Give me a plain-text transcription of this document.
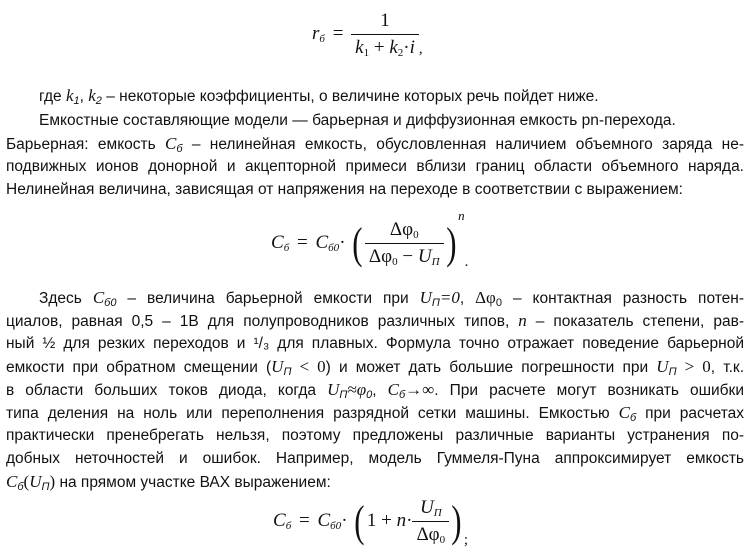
$r_б = \frac{1}{k1 + k2\cdot i} _,$
где $k_1$, $k_2$ – некоторые коэффициенты, о величине которых речь пойдет ниже.
Емкостные составляющие модели — барьерная и диффузионная емкость pn-перехода.
Барьерная: емкость $C_б$ – нелинейная емкость, обусловленная наличием объемного заряда не-
подвижных ионов донорной и акцепторной примеси вблизи границ области объемного наряда.
Нелинейная величина, зависящая от напряжения на переходе в соответствии с выражением:
$C_б = C_{б0}\cdot$ ( $\frac{\Delta\varphi 0}{\Delta\varphi 0 - U_П} )^n_.$
Здесь $C_{б0}$ – величина барьерной емкости при $U_П=0$, Δφ0 – контактная разность потен-
циалов, равная 0,5 – 1В для полупроводников различных типов, n – показатель степени, рав-
ный ½ для резких переходов и ¹/₃ для плавных. Формула точно отражает поведение барьерной
емкости при обратном смещении $(U_П < 0)$ и может дать большие погрешности при $U_П > 0$, т.к.
в области больших токов диода, когда $U_П\approx\varphi_0$, $C_б\to\infty$. При расчете могут возникать ошибки
типа деления на ноль или переполнения разрядной сетки машины. Емкостью $C_б$ при расчетах
практически пренебрегать нельзя, поэтому предложены различные варианты устранения по-
добных неточностей и ошибок. Например, модель Гуммеля-Пуна аппроксимирует емкость
$C_б(U_П)$ на прямом участке ВАХ выражением:
$C_б = C_{б0}\cdot$ ( $1 + n\cdot \frac{U_П}{\Delta\varphi 0}$ ) $_;$
